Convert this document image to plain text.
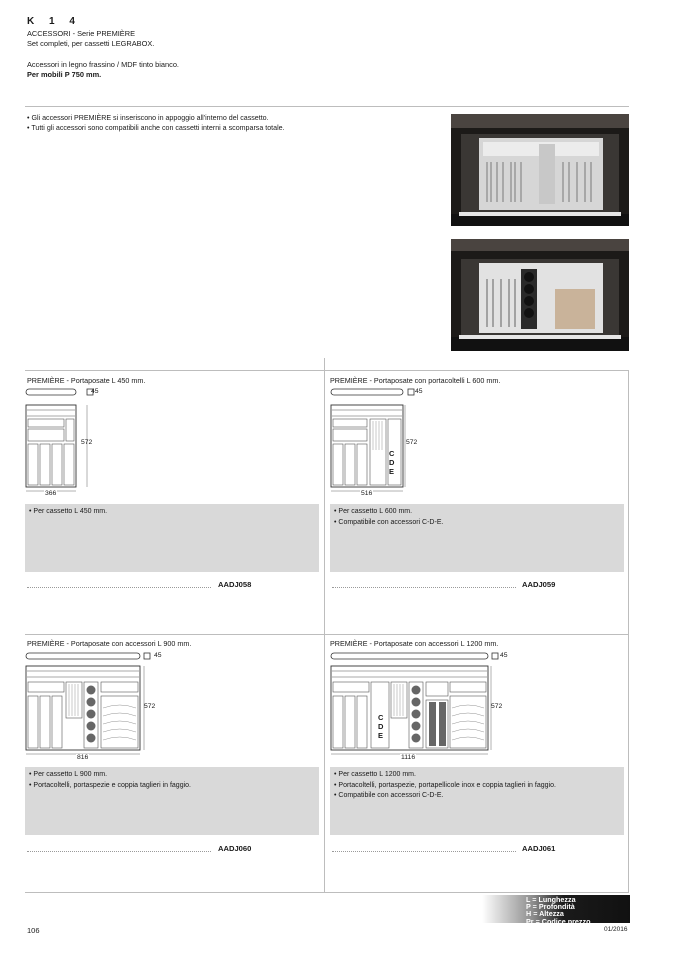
K 1 4
ACCESSORI - Serie PREMIÈRE
Set completi, per cassetti LEGRABOX.
Accessori in legno frassino / MDF tinto bianco.
Per mobili P 750 mm.
• Gli accessori PREMIÈRE si inseriscono in appoggio all'interno del cassetto.
• Tutti gli accessori sono compatibili anche con cassetti interni a scomparsa totale.
PREMIÈRE - Portaposate L 450 mm.
45
572
366
• Per cassetto L 450 mm.
AADJ058
PREMIÈRE - Portaposate con portacoltelli L 600 mm.
C
D
E
45
572
516
• Per cassetto L 600 mm.
• Compatibile con accessori C-D-E.
AADJ059
PREMIÈRE - Portaposate con accessori L 900 mm.
45
572
816
• Per cassetto L 900 mm.
• Portacoltelli, portaspezie e coppia taglieri in faggio.
AADJ060
PREMIÈRE - Portaposate con accessori L 1200 mm.
C
D
E
45
572
1116
• Per cassetto L 1200 mm.
• Portacoltelli, portaspezie, portapellicole inox e coppia taglieri in faggio.
• Compatibile con accessori C-D-E.
AADJ061
L = Lunghezza
P = Profondità
H = Altezza
Pr = Codice prezzo
106	01/2016
